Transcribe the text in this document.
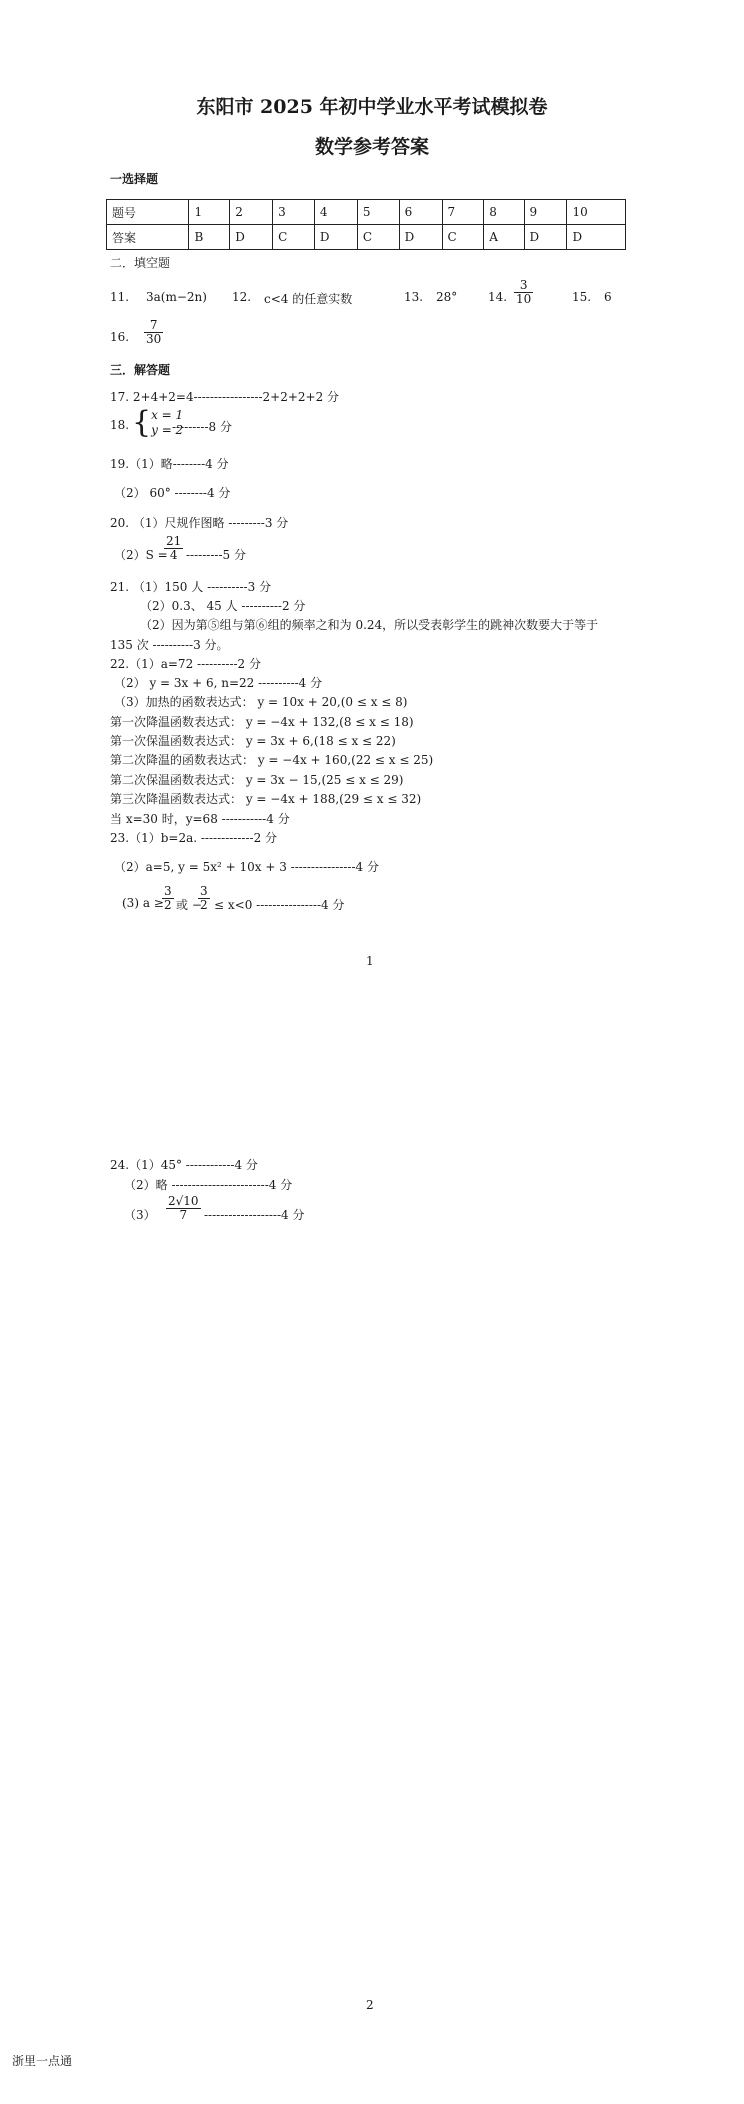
东阳市 2025 年初中学业水平考试模拟卷
数学参考答案
一选择题
题号	1	2	3	4	5	6	7	8	9	10
答案	B	D	C	D	C	D	C	A	D	D
二．填空题
11. 3a(m−2n) 12. c<4 的任意实数	13. 28°	14. $\frac{3}{10}$	15. 6
16. $\frac{7}{30}$
三．解答题
17. 2+4+2=4-----------------2+2+2+2 分
18. { x = 1
y = 2
---------8 分
19.（1）略--------4 分
（2） 60° --------4 分
20. （1）尺规作图略 ---------3 分
（2）S =
$\frac{21}{4} ---------5$ 分
21. （1）150 人 ----------3 分
（2）0.3、 45 人 ----------2 分
（2）因为第⑤组与第⑥组的频率之和为 0.24，所以受表彰学生的跳神次数要大于等于
135 次 ----------3 分。
22.（1）a=72 ----------2 分
（2） y = 3x + 6, n=22 ----------4 分
（3）加热的函数表达式： y = 10x + 20,(0 ≤ x ≤ 8)
第一次降温函数表达式： y = −4x + 132,(8 ≤ x ≤ 18)
第一次保温函数表达式： y = 3x + 6,(18 ≤ x ≤ 22)
第二次降温的函数表达式： y = −4x + 160,(22 ≤ x ≤ 25)
第二次保温函数表达式： y = 3x − 15,(25 ≤ x ≤ 29)
第三次降温函数表达式： y = −4x + 188,(29 ≤ x ≤ 32)
当 x=30 时，y=68 -----------4 分
23.（1）b=2a. -------------2 分
（2）a=5, y = 5x² + 10x + 3 ----------------4 分
(3) a ≥
$\frac{3}{2}$ 或 −
$\frac{3}{2} \le x<0$ ----------------4 分
1
24.（1）45° ------------4 分
（2）略 ------------------------4 分
$(3) \frac{2√10}{7} -------------------4$ 分
2
浙里一点通
